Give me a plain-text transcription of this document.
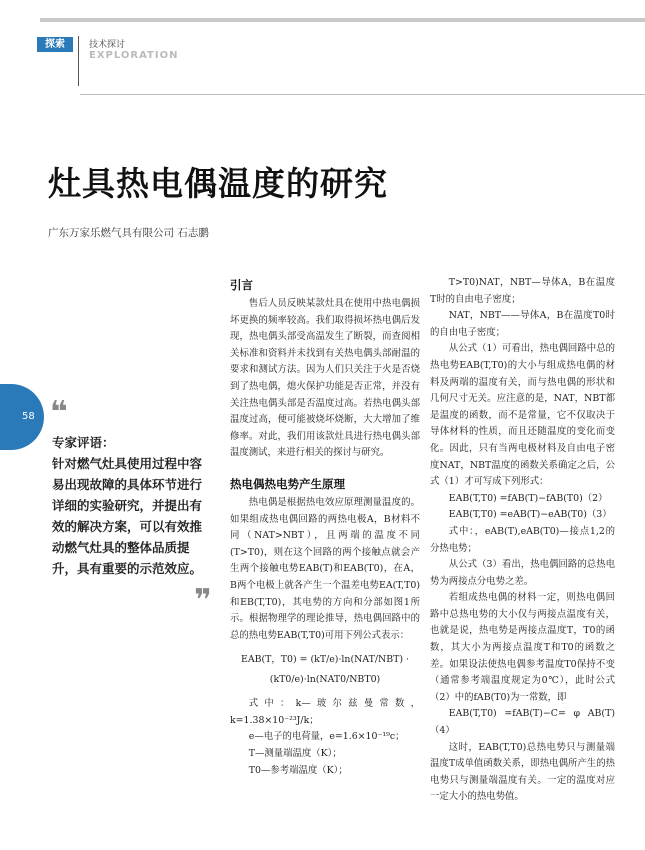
探索	技术探讨
EXPLORATION
灶具热电偶温度的研究
广东万家乐燃气具有限公司 石志鹏
58 ❝
专家评语：
针对燃气灶具使用过程中容易出现故障的具体环节进行详细的实验研究，并提出有效的解决方案，可以有效推动燃气灶具的整体品质提升，具有重要的示范效应。
❞
引言

售后人员反映某款灶具在使用中热电偶损坏更换的频率较高。我们取得损坏热电偶后发现，热电偶头部受高温发生了断裂，而查阅相关标准和资料并未找到有关热电偶头部耐温的要求和测试方法。因为人们只关注于火是否烧到了热电偶，熄火保护功能是否正常，并没有关注热电偶头部是否温度过高。若热电偶头部温度过高，便可能被烧坏烧断，大大增加了维修率。对此，我们用该款灶具进行热电偶头部温度测试，来进行相关的探讨与研究。

热电偶热电势产生原理

热电偶是根据热电效应原理测量温度的。如果组成热电偶回路的两热电极A，B材料不同（NAT>NBT），且两端的温度不同(T>T0)，则在这个回路的两个接触点就会产生两个接触电势EAB(T)和EAB(T0)，在A，B两个电极上就各产生一个温差电势EA(T,T0)和EB(T,T0)，其电势的方向和分部如图1所示。根据物理学的理论推导，热电偶回路中的总的热电势EAB(T,T0)可用下列公式表示：

EAB(T，T0) = (kT/e)·ln(NAT/NBT) · (kT0/e)·ln(NAT0/NBT0)

式中：k—玻尔兹曼常数，k=1.38×10⁻²³J/k；

e—电子的电荷量，e=1.6×10⁻¹⁹c；

T—测量端温度（K）；

T0—参考端温度（K）；

T>T0)NAT，NBT—导体A，B在温度T时的自由电子密度；

NAT，NBT——导体A，B在温度T0时的自由电子密度；

从公式（1）可看出，热电偶回路中总的热电势EAB(T,T0)的大小与组成热电偶的材料及两端的温度有关，而与热电偶的形状和几何尺寸无关。应注意的是，NAT，NBT都是温度的函数，而不是常量，它不仅取决于导体材料的性质，而且还随温度的变化而变化。因此，只有当两电极材料及自由电子密度NAT，NBT温度的函数关系确定之后，公式（1）才可写成下列形式：

EAB(T,T0) =fAB(T)−fAB(T0)（2）

EAB(T,T0) =eAB(T)−eAB(T0)（3）

式中：，eAB(T),eAB(T0)—接点1,2的分热电势；

从公式（3）看出，热电偶回路的总热电势为两接点分电势之差。

若组成热电偶的材料一定，则热电偶回路中总热电势的大小仅与两接点温度有关，也就是说，热电势是两接点温度T，T0的函数，其大小为两接点温度T和T0的函数之差。如果设法使热电偶参考温度T0保持不变（通常参考端温度规定为0℃），此时公式（2）中的fAB(T0)为一常数，即

EAB(T,T0) =fAB(T)−C= φ AB(T)（4）

这时，EAB(T,T0)总热电势只与测量端温度T成单值函数关系，即热电偶所产生的热电势只与测量端温度有关。一定的温度对应一定大小的热电势值。
